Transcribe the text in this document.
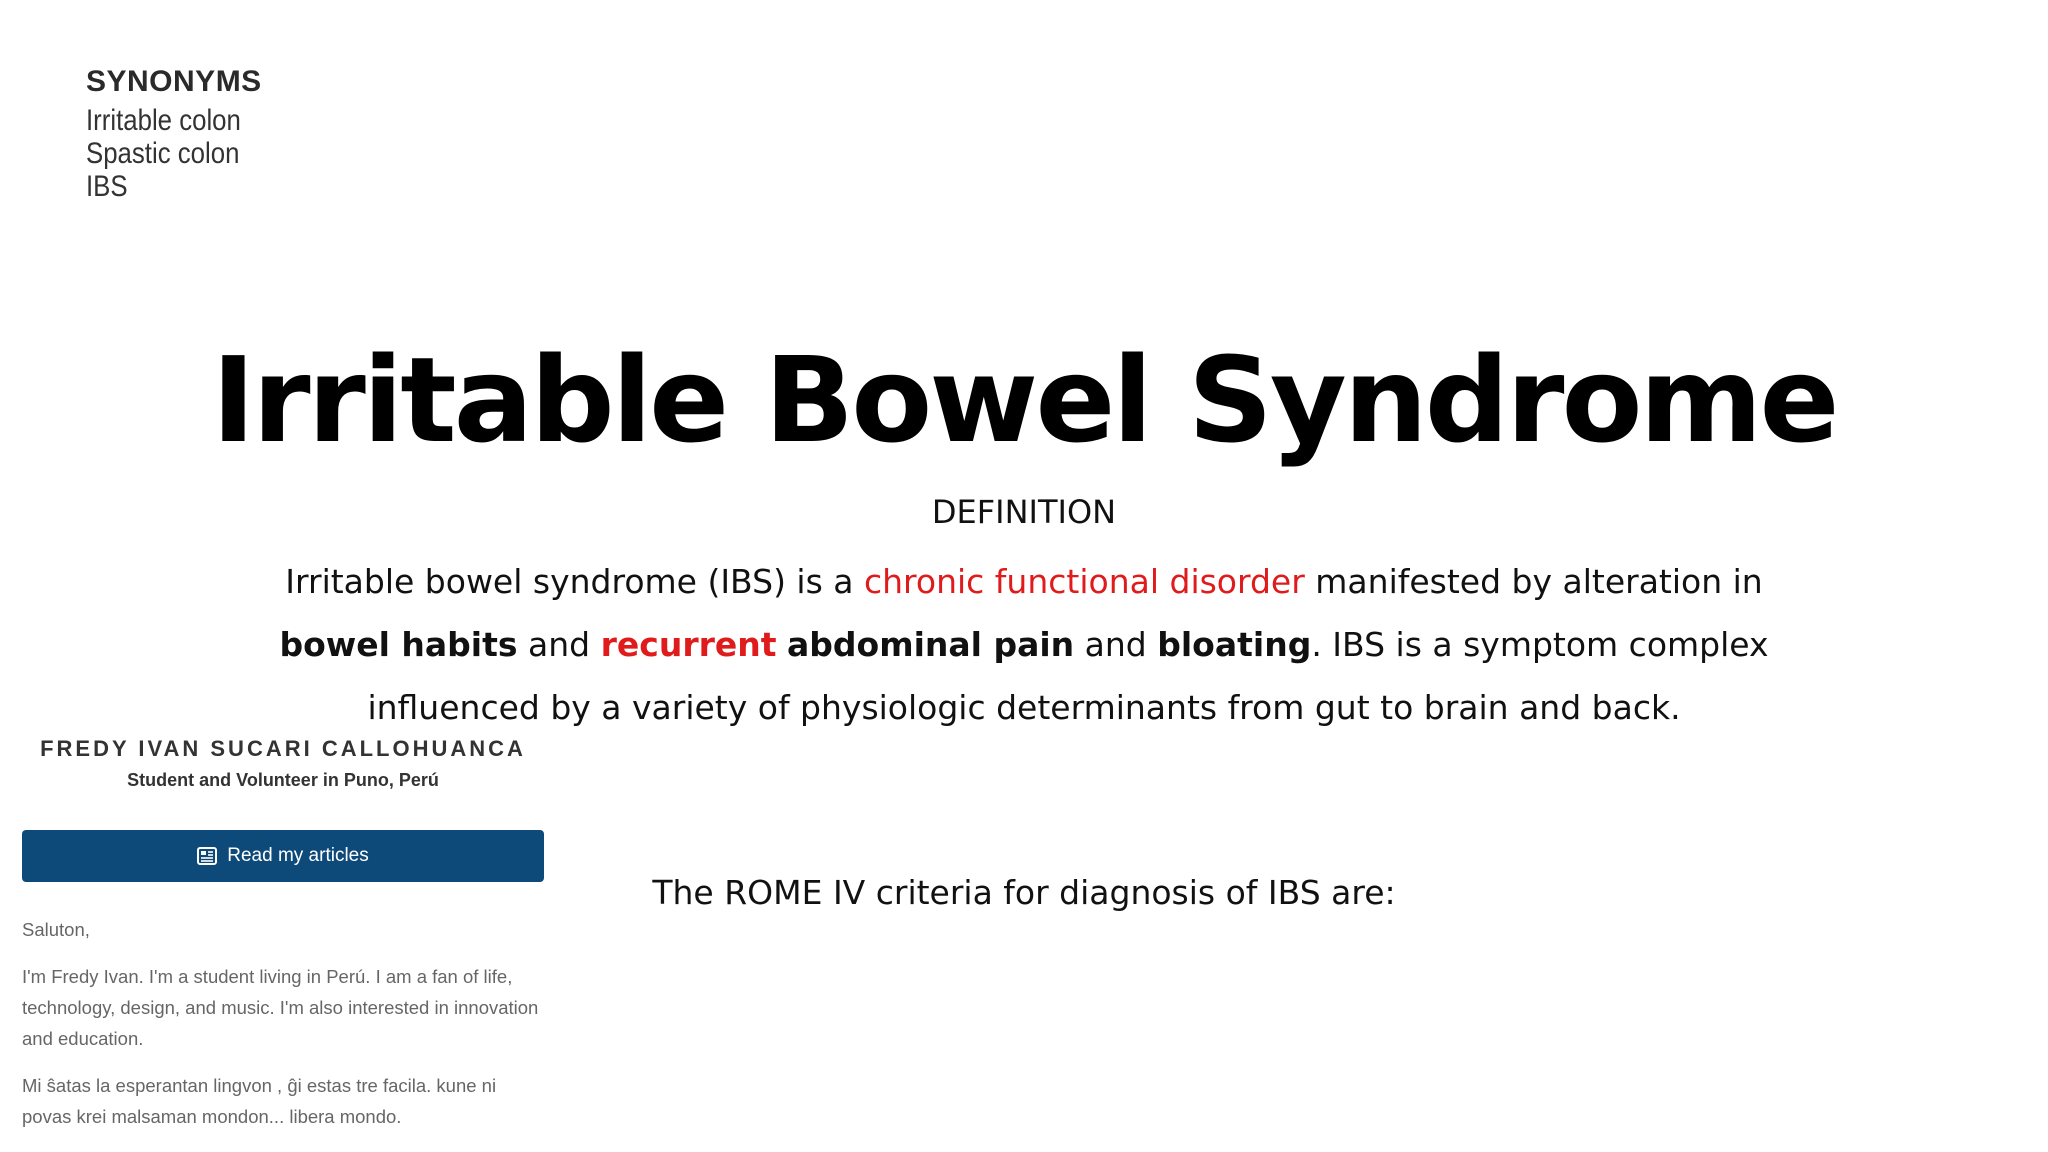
SYNONYMS
Irritable colon
Spastic colon
IBS
Irritable Bowel Syndrome
DEFINITION
Irritable bowel syndrome (IBS) is a chronic functional disorder manifested by alteration in bowel habits and recurrent abdominal pain and bloating. IBS is a symptom complex influenced by a variety of physiologic determinants from gut to brain and back.
The ROME IV criteria for diagnosis of IBS are:
FREDY IVAN SUCARI CALLOHUANCA
Student and Volunteer in Puno, Perú
Read my articles

Saluton,

I'm Fredy Ivan. I'm a student living in Perú. I am a fan of life, technology, design, and music. I'm also interested in innovation and education.

Mi ŝatas la esperantan lingvon , ĝi estas tre facila. kune ni povas krei malsaman mondon... libera mondo.
